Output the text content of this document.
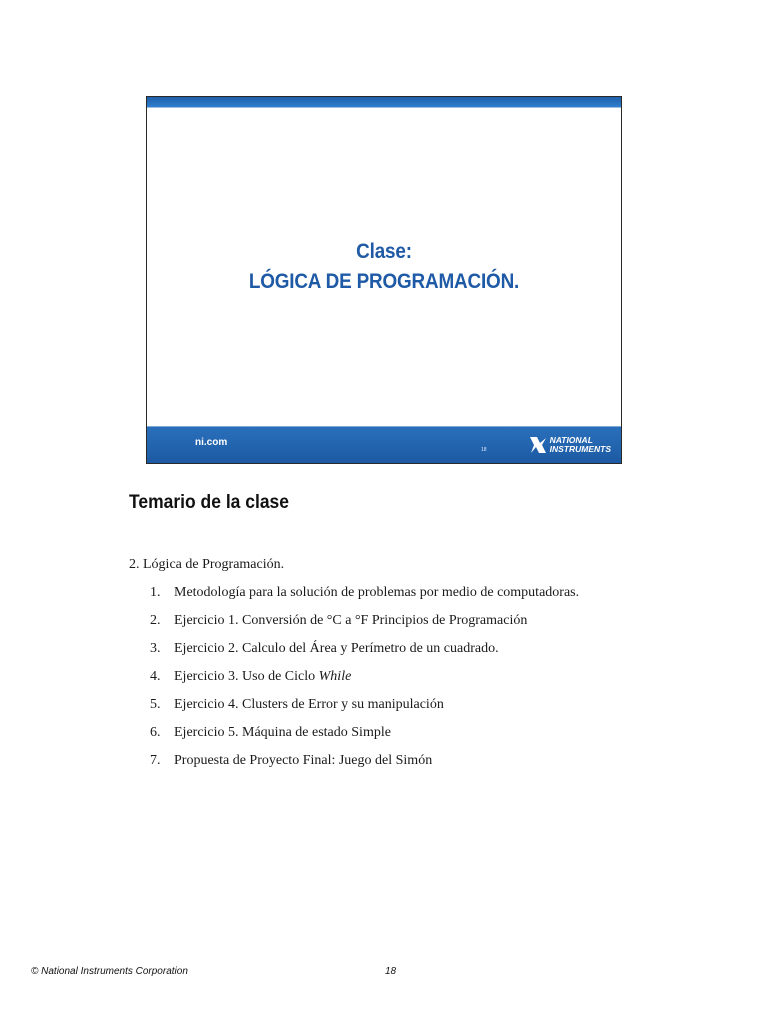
Clase:
LÓGICA DE PROGRAMACIÓN.
ni.com
18
NATIONAL
INSTRUMENTS
Temario de la clase
2. Lógica de Programación.
1. Metodología para la solución de problemas por medio de computadoras.
2. Ejercicio 1. Conversión de °C a °F Principios de Programación
3. Ejercicio 2. Calculo del Área y Perímetro de un cuadrado.
4. Ejercicio 3. Uso de Ciclo While
5. Ejercicio 4. Clusters de Error y su manipulación
6. Ejercicio 5. Máquina de estado Simple
7. Propuesta de Proyecto Final: Juego del Simón
© National Instruments Corporation	18
